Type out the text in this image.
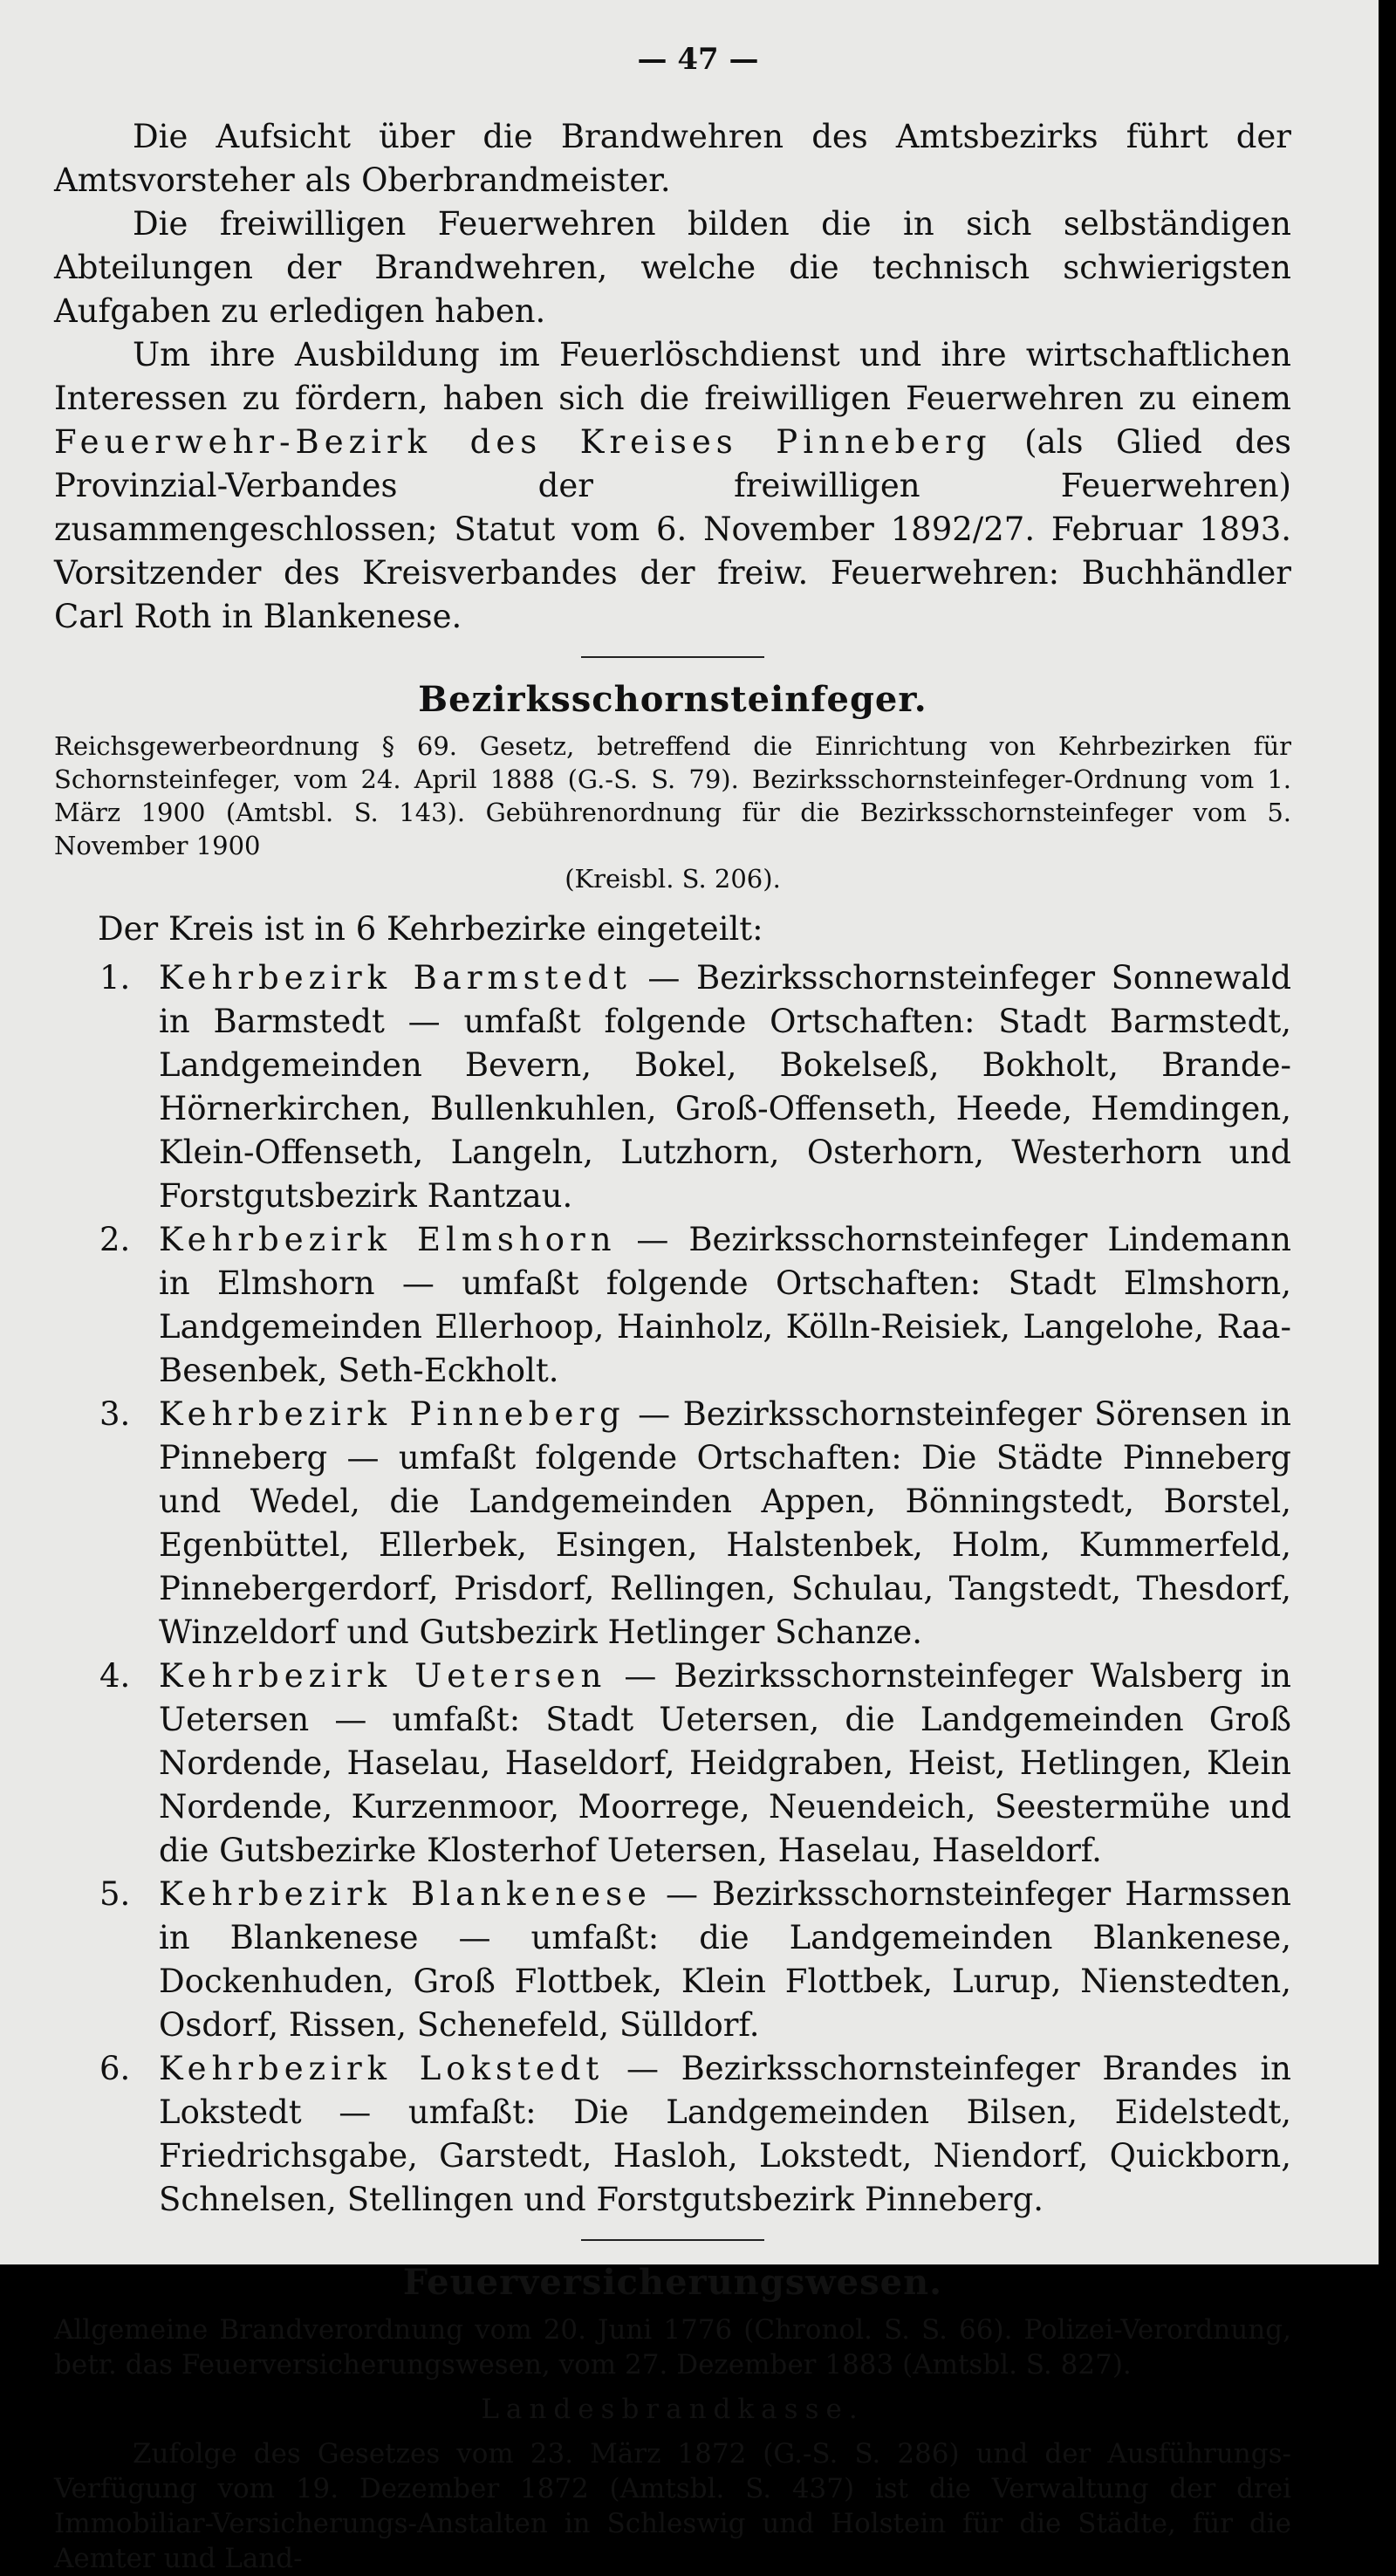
— 47 —

Die Aufsicht über die Brandwehren des Amtsbezirks führt der Amtsvorsteher als Oberbrandmeister.

Die freiwilligen Feuerwehren bilden die in sich selbständigen Abteilungen der Brandwehren, welche die technisch schwierigsten Aufgaben zu erledigen haben.

Um ihre Ausbildung im Feuerlöschdienst und ihre wirtschaftlichen Interessen zu fördern, haben sich die freiwilligen Feuerwehren zu einem Feuerwehr-Bezirk des Kreises Pinneberg (als Glied des Provinzial-Verbandes der freiwilligen Feuerwehren) zusammengeschlossen; Statut vom 6. November 1892/27. Februar 1893. Vorsitzender des Kreisverbandes der freiw. Feuerwehren: Buchhändler Carl Roth in Blankenese.

Bezirksschornsteinfeger.
Reichsgewerbeordnung § 69. Gesetz, betreffend die Einrichtung von Kehrbezirken für Schornsteinfeger, vom 24. April 1888 (G.-S. S. 79). Bezirksschornsteinfeger-Ordnung vom 1. März 1900 (Amtsbl. S. 143). Gebührenordnung für die Bezirksschornsteinfeger vom 5. November 1900
(Kreisbl. S. 206).

Der Kreis ist in 6 Kehrbezirke eingeteilt:

1. Kehrbezirk Barmstedt — Bezirksschornsteinfeger Sonnewald in Barmstedt — umfaßt folgende Ortschaften: Stadt Barmstedt, Landgemeinden Bevern, Bokel, Bokelseß, Bokholt, Brande-Hörnerkirchen, Bullenkuhlen, Groß-Offenseth, Heede, Hemdingen, Klein-Offenseth, Langeln, Lutzhorn, Osterhorn, Westerhorn und Forstgutsbezirk Rantzau.

2. Kehrbezirk Elmshorn — Bezirksschornsteinfeger Lindemann in Elmshorn — umfaßt folgende Ortschaften: Stadt Elmshorn, Landgemeinden Ellerhoop, Hainholz, Kölln-Reisiek, Langelohe, Raa-Besenbek, Seth-Eckholt.

3. Kehrbezirk Pinneberg — Bezirksschornsteinfeger Sörensen in Pinneberg — umfaßt folgende Ortschaften: Die Städte Pinneberg und Wedel, die Landgemeinden Appen, Bönningstedt, Borstel, Egenbüttel, Ellerbek, Esingen, Halstenbek, Holm, Kummerfeld, Pinnebergerdorf, Prisdorf, Rellingen, Schulau, Tangstedt, Thesdorf, Winzeldorf und Gutsbezirk Hetlinger Schanze.

4. Kehrbezirk Uetersen — Bezirksschornsteinfeger Walsberg in Uetersen — umfaßt: Stadt Uetersen, die Landgemeinden Groß Nordende, Haselau, Haseldorf, Heidgraben, Heist, Hetlingen, Klein Nordende, Kurzenmoor, Moorrege, Neuendeich, Seestermühe und die Gutsbezirke Klosterhof Uetersen, Haselau, Haseldorf.

5. Kehrbezirk Blankenese — Bezirksschornsteinfeger Harmssen in Blankenese — umfaßt: die Landgemeinden Blankenese, Dockenhuden, Groß Flottbek, Klein Flottbek, Lurup, Nienstedten, Osdorf, Rissen, Schenefeld, Sülldorf.

6. Kehrbezirk Lokstedt — Bezirksschornsteinfeger Brandes in Lokstedt — umfaßt: Die Landgemeinden Bilsen, Eidelstedt, Friedrichsgabe, Garstedt, Hasloh, Lokstedt, Niendorf, Quickborn, Schnelsen, Stellingen und Forstgutsbezirk Pinneberg.

Feuerversicherungswesen.

Allgemeine Brandverordnung vom 20. Juni 1776 (Chronol. S. S. 66). Polizei-Verordnung, betr. das Feuerversicherungswesen, vom 27. Dezember 1883 (Amtsbl. S. 827).

Landesbrandkasse.

Zufolge des Gesetzes vom 23. März 1872 (G.-S. S. 286) und der Ausführungs-Verfügung vom 19. Dezember 1872 (Amtsbl. S. 437) ist die Verwaltung der drei Immobiliar-Versicherungs-Anstalten in Schleswig und Holstein für die Städte, für die Aemter und Land-
